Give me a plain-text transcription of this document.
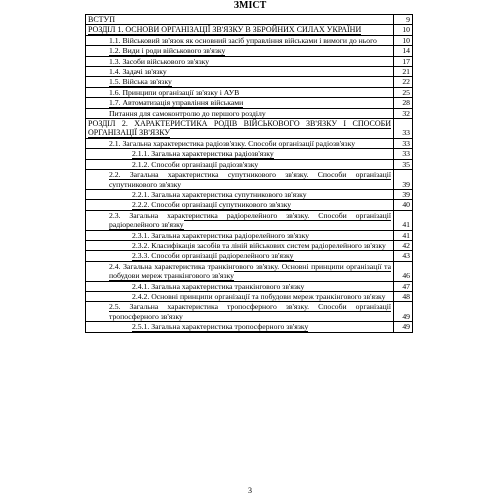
ЗМІСТ
ВСТУП	9
РОЗДІЛ 1. ОСНОВИ ОРГАНІЗАЦІЇ ЗВ'ЯЗКУ В ЗБРОЙНИХ СИЛАХ УКРАЇНИ	10
1.1. Військовий зв'язок як основний засіб управління військами і вимоги до нього	10
1.2. Види і роди військового зв'язку	14
1.3. Засоби військового зв'язку	17
1.4. Задачі зв'язку	21
1.5. Війська зв'язку	22
1.6. Принципи організації зв'язку і АУВ	25
1.7. Автоматизація управління військами	28
Питання для самоконтролю до першого розділу	32
РОЗДІЛ 2. ХАРАКТЕРИСТИКА РОДІВ ВІЙСЬКОВОГО ЗВ'ЯЗКУ І СПОСОБИ ОРГАНІЗАЦІЇ ЗВ'ЯЗКУ	33
2.1. Загальна характеристика радіозв'язку. Способи організації радіозв'язку	33
2.1.1. Загальна характеристика радіозв'язку	33
2.1.2. Способи організації радіозв'язку	35
2.2. Загальна характеристика супутникового зв'язку. Способи організації супутникового зв'язку	39
2.2.1. Загальна характеристика супутникового зв'язку	39
2.2.2. Способи організації супутникового зв'язку	40
2.3. Загальна характеристика радіорелейного зв'язку. Способи організації радіорелейного зв'язку	41
2.3.1. Загальна характеристика радіорелейного зв'язку	41
2.3.2. Класифікація засобів та ліній військових систем радіорелейного зв'язку	42
2.3.3. Способи організації радіорелейного зв'язку	43
2.4. Загальна характеристика транкінгового зв'язку. Основні принципи організації та побудови мереж транкінгового зв'язку	46
2.4.1. Загальна характеристика транкінгового зв'язку	47
2.4.2. Основні принципи організації та побудови мереж транкінгового зв'язку	48
2.5. Загальна характеристика тропосферного зв'язку. Способи організації тропосферного зв'язку	49
2.5.1. Загальна характеристика тропосферного зв'язку	49
3
